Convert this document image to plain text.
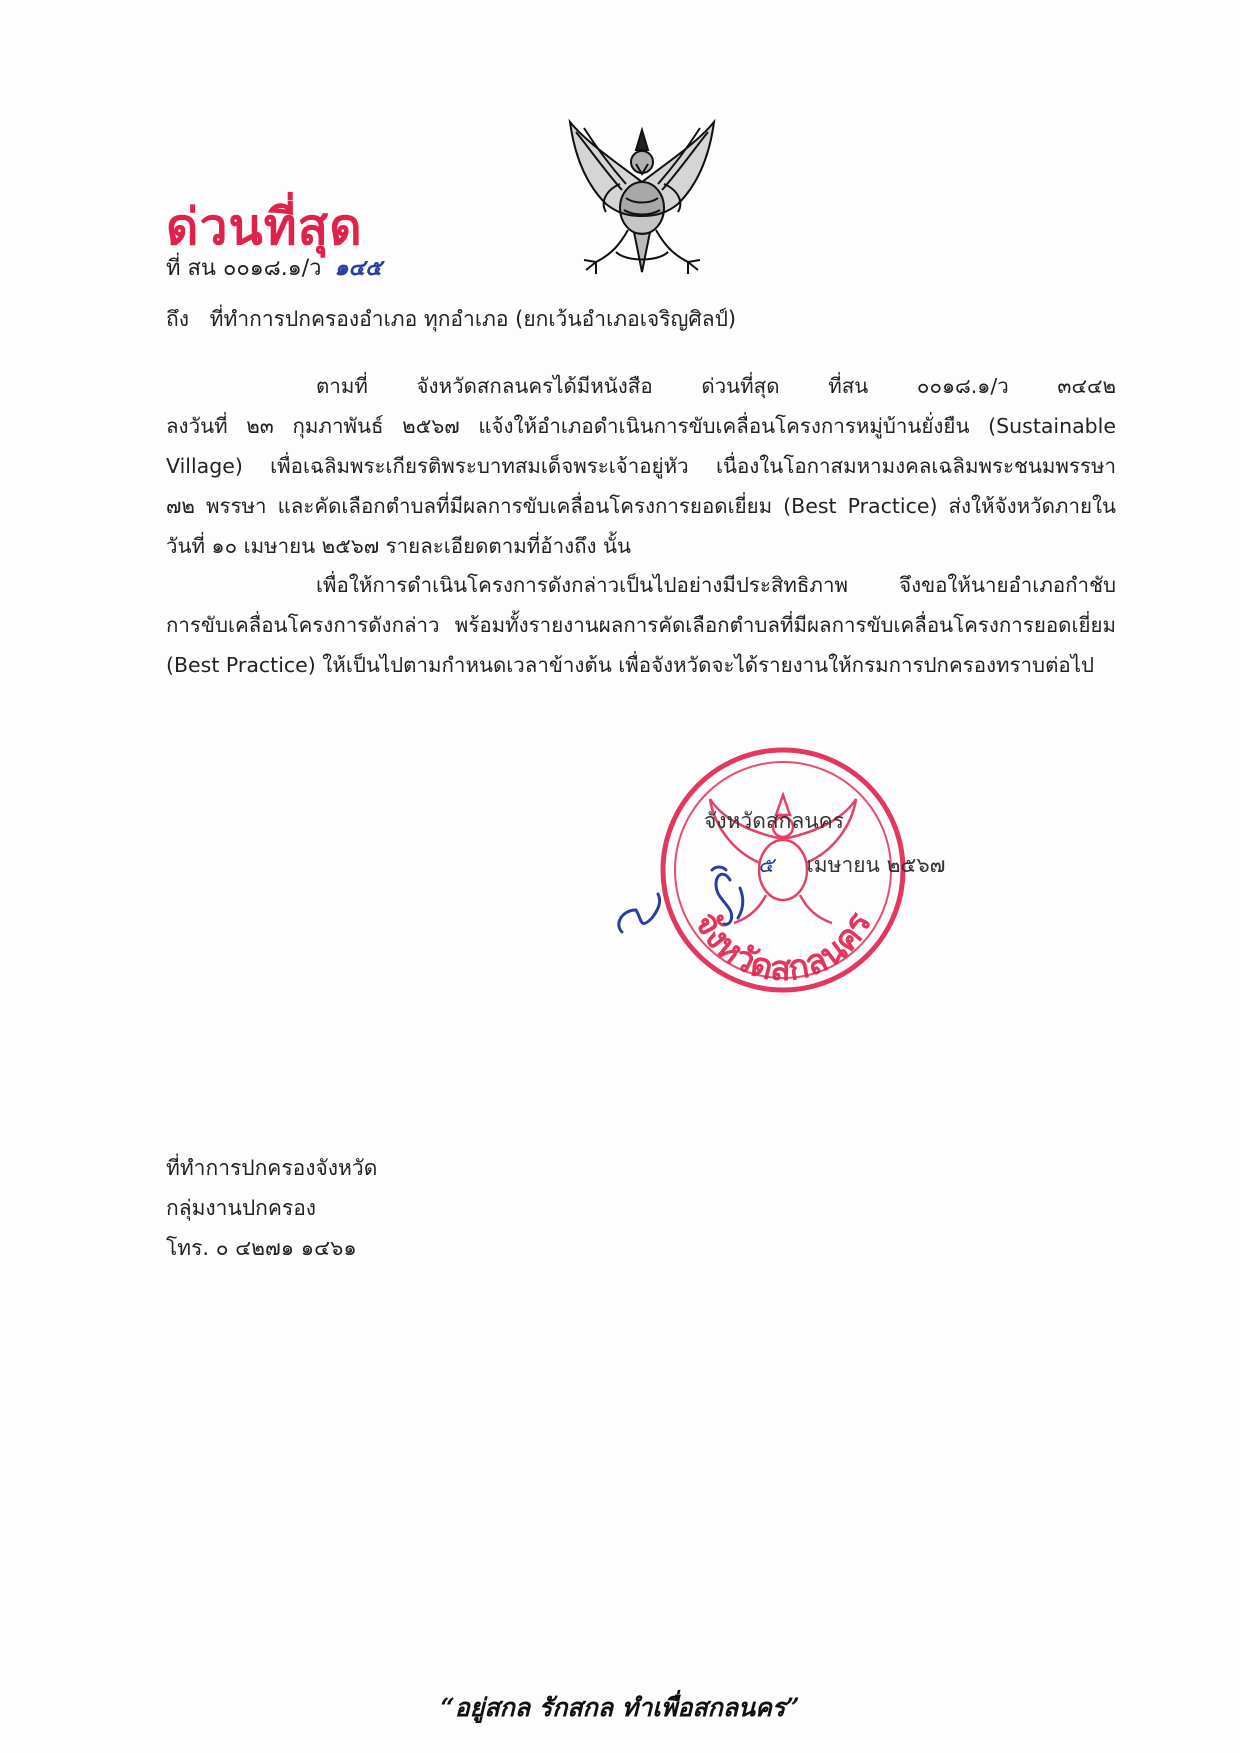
ด่วนที่สุด
ที่ สน ๐๐๑๘.๑/ว ๑๔๕
ถึง ที่ทำการปกครองอำเภอ ทุกอำเภอ (ยกเว้นอำเภอเจริญศิลป์)
ตามที่ จังหวัดสกลนครได้มีหนังสือ ด่วนที่สุด ที่สน ๐๐๑๘.๑/ว ๓๔๔๒
ลงวันที่ ๒๓ กุมภาพันธ์ ๒๕๖๗ แจ้งให้อำเภอดำเนินการขับเคลื่อนโครงการหมู่บ้านยั่งยืน (Sustainable
Village) เพื่อเฉลิมพระเกียรติพระบาทสมเด็จพระเจ้าอยู่หัว เนื่องในโอกาสมหามงคลเฉลิมพระชนมพรรษา
๗๒ พรรษา และคัดเลือกตำบลที่มีผลการขับเคลื่อนโครงการยอดเยี่ยม (Best Practice) ส่งให้จังหวัดภายใน
วันที่ ๑๐ เมษายน ๒๕๖๗ รายละเอียดตามที่อ้างถึง นั้น
เพื่อให้การดำเนินโครงการดังกล่าวเป็นไปอย่างมีประสิทธิภาพ จึงขอให้นายอำเภอกำชับ
การขับเคลื่อนโครงการดังกล่าว พร้อมทั้งรายงานผลการคัดเลือกตำบลที่มีผลการขับเคลื่อนโครงการยอดเยี่ยม
(Best Practice) ให้เป็นไปตามกำหนดเวลาข้างต้น เพื่อจังหวัดจะได้รายงานให้กรมการปกครองทราบต่อไป
จังหวัดสกลนคร
จังหวัดสกลนคร
๕ เมษายน ๒๕๖๗
ที่ทำการปกครองจังหวัด
กลุ่มงานปกครอง
โทร. ๐ ๔๒๗๑ ๑๔๖๑
“อยู่สกล รักสกล ทำเพื่อสกลนคร”
